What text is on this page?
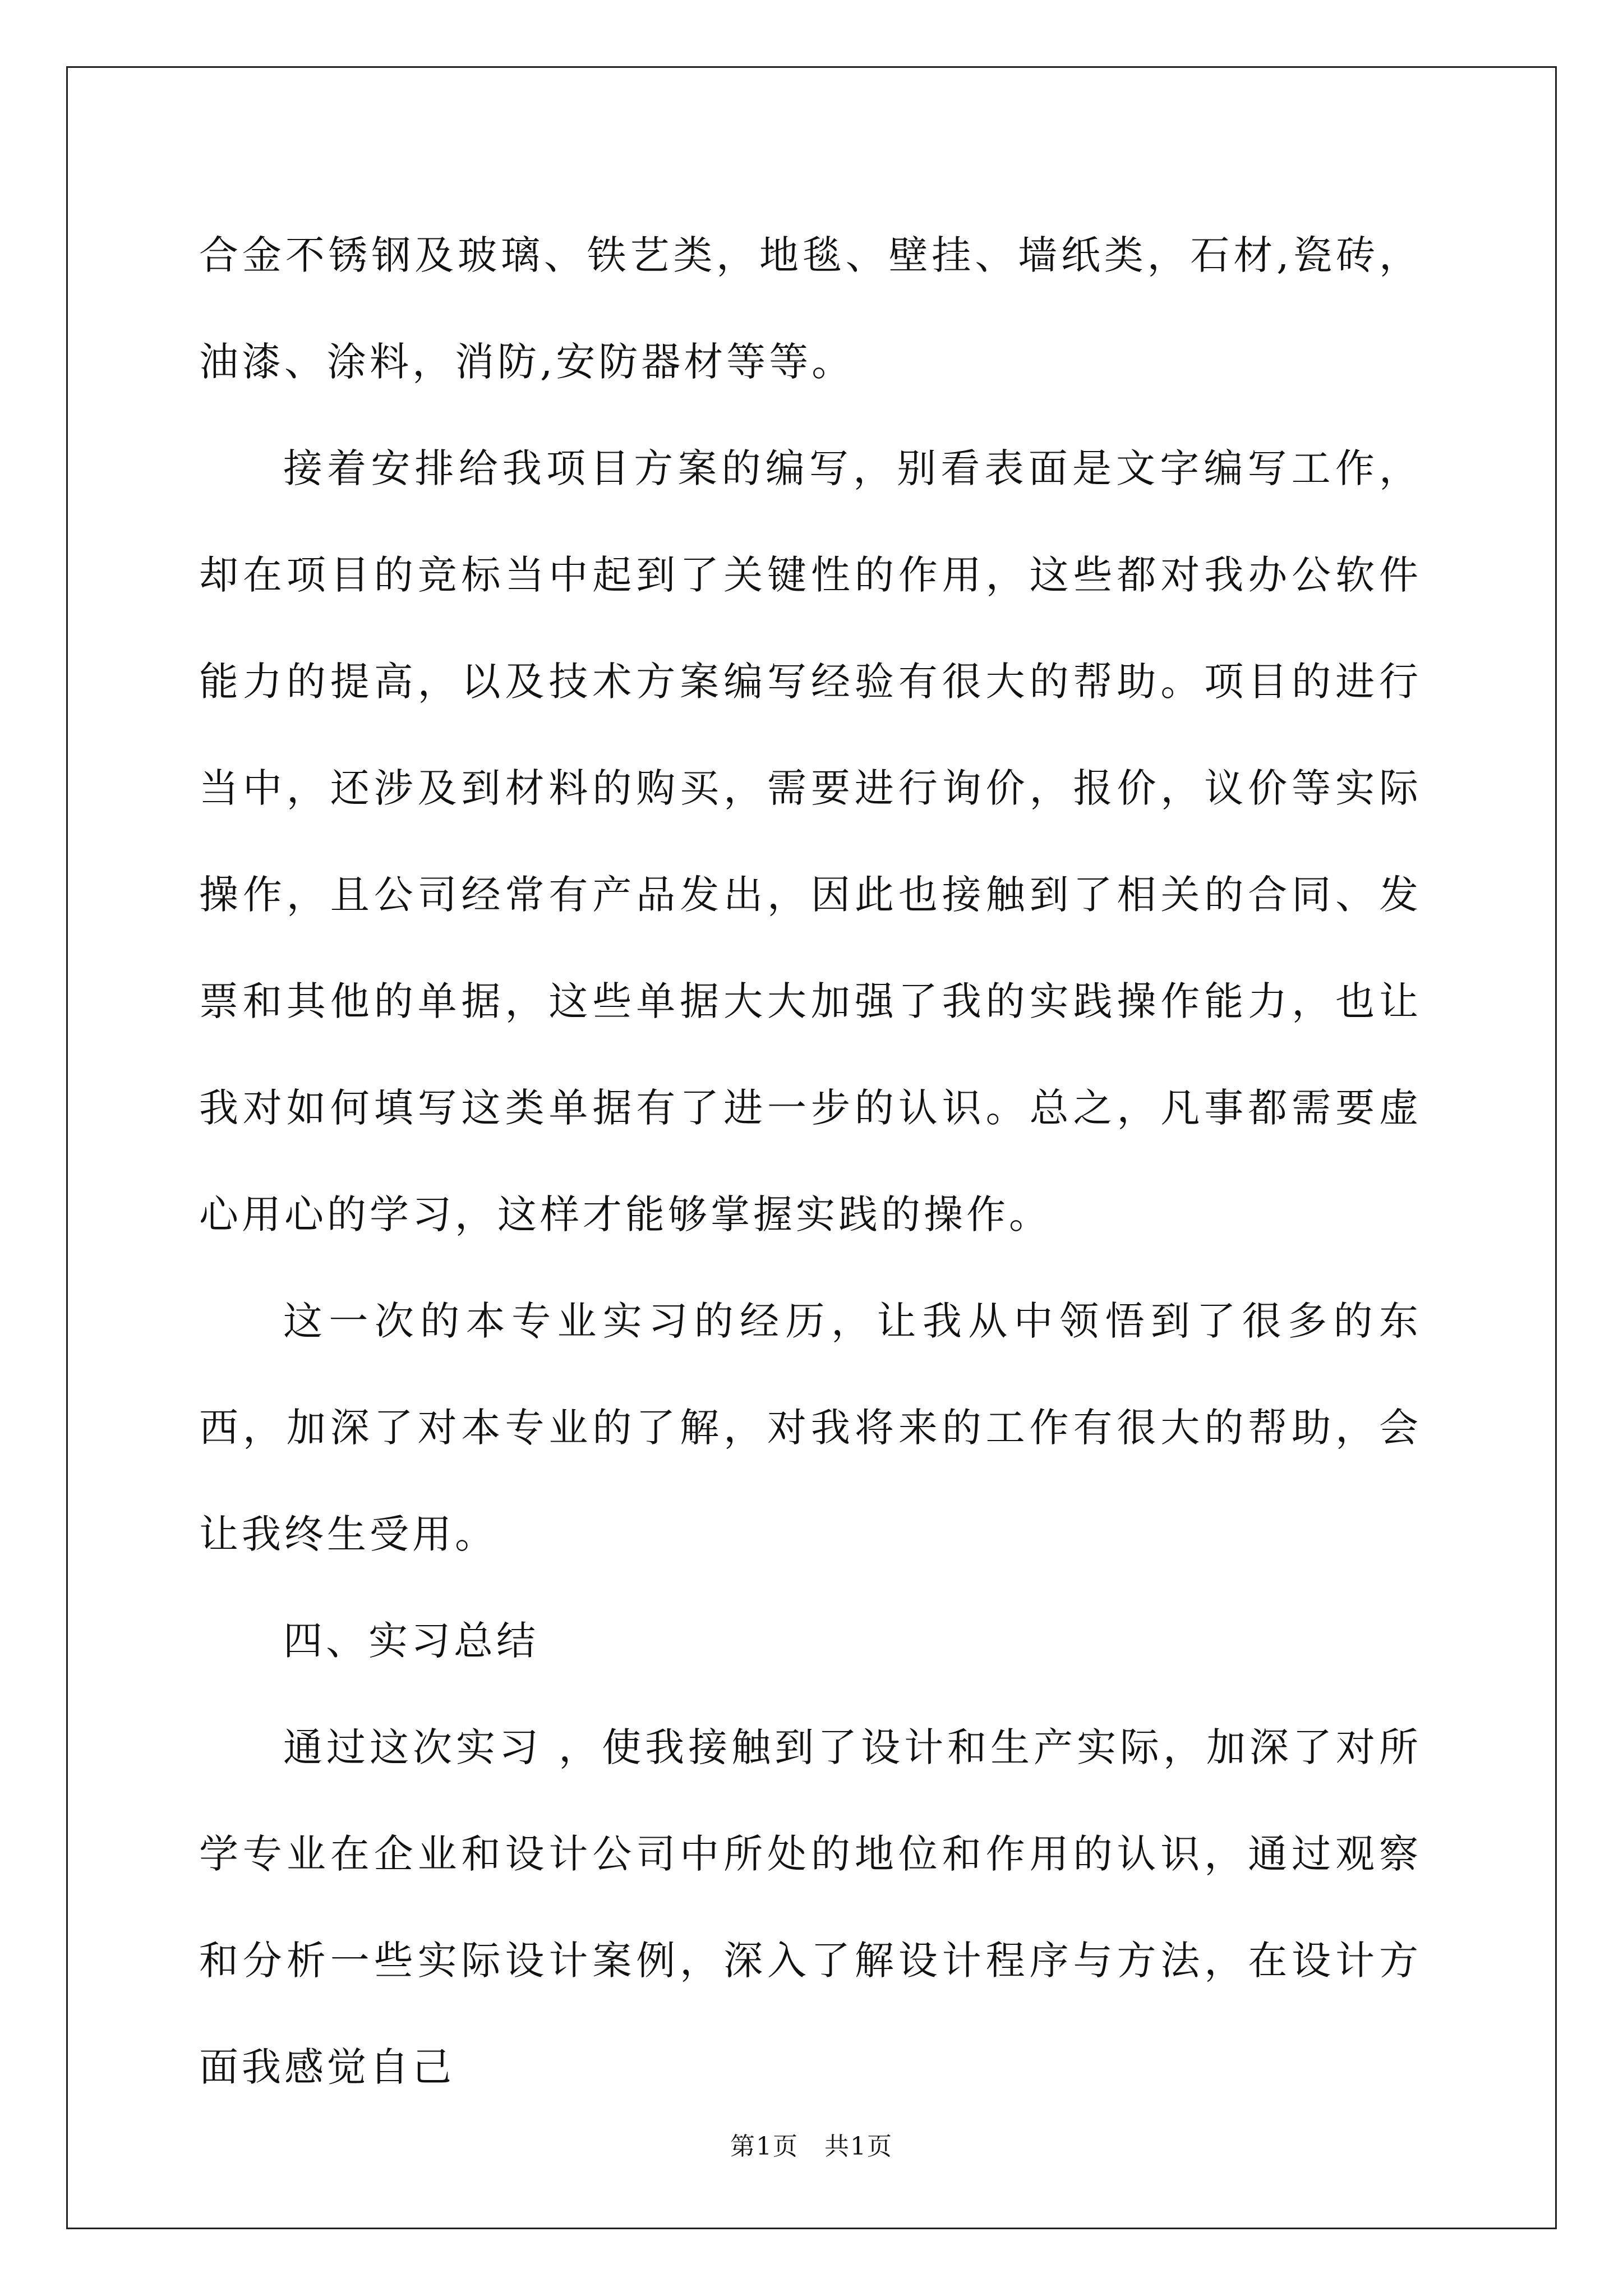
合金不锈钢及玻璃、铁艺类，地毯、壁挂、墙纸类，石材,瓷砖，油漆、涂料，消防,安防器材等等。

接着安排给我项目方案的编写，别看表面是文字编写工作，却在项目的竞标当中起到了关键性的作用，这些都对我办公软件能力的提高，以及技术方案编写经验有很大的帮助。项目的进行当中，还涉及到材料的购买，需要进行询价，报价，议价等实际操作，且公司经常有产品发出，因此也接触到了相关的合同、发票和其他的单据，这些单据大大加强了我的实践操作能力，也让我对如何填写这类单据有了进一步的认识。总之，凡事都需要虚心用心的学习，这样才能够掌握实践的操作。

这一次的本专业实习的经历，让我从中领悟到了很多的东西，加深了对本专业的了解，对我将来的工作有很大的帮助，会让我终生受用。

四、实习总结

通过这次实习 ，使我接触到了设计和生产实际，加深了对所学专业在企业和设计公司中所处的地位和作用的认识，通过观察和分析一些实际设计案例，深入了解设计程序与方法，在设计方面我感觉自己

第1页　共1页
